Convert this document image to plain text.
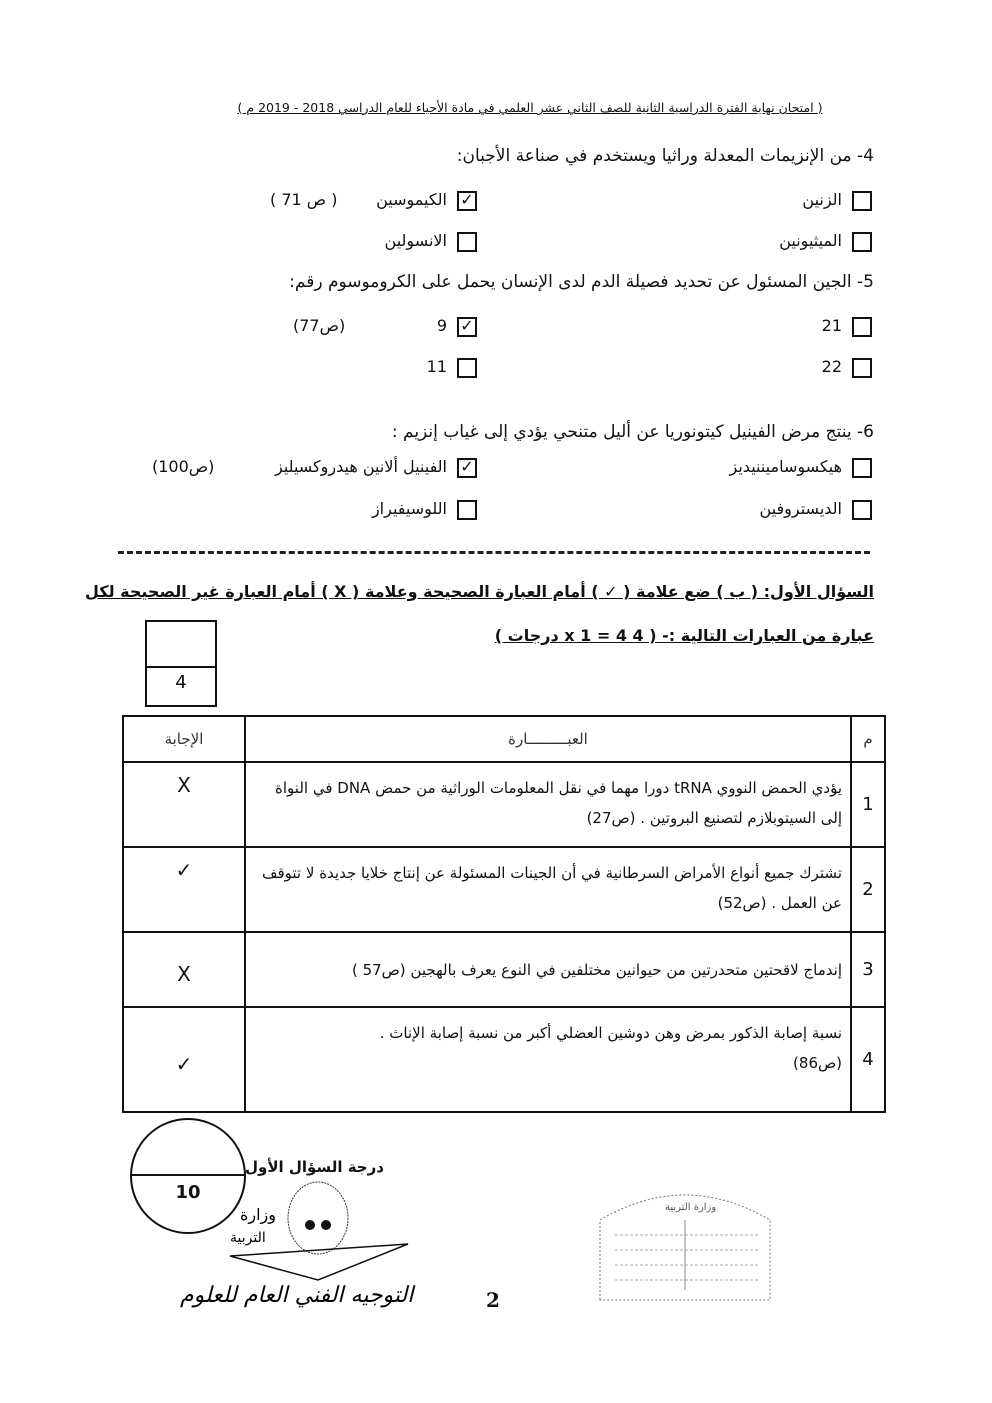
( امتحان نهاية الفترة الدراسية الثانية للصف الثاني عشر العلمي في مادة الأحياء للعام الدراسي 2018 - 2019 م )
4- من الإنزيمات المعدلة وراثيا ويستخدم في صناعة الأجبان:
الزنين
✓الكيموسين
( ص 71 )
الميثيونين
الانسولين
5- الجين المسئول عن تحديد فصيلة الدم لدى الإنسان يحمل على الكروموسوم رقم:
21
✓9
(ص77)
22
11
6- ينتج مرض الفينيل كيتونوريا عن أليل متنحي يؤدي إلى غياب إنزيم :
هيكسوساميننيديز
✓الفينيل ألانين هيدروكسيليز
(ص100)
الديستروفين
اللوسيفيراز
السؤال الأول: ( ب ) ضع علامة ( ✓ ) أمام العبارة الصحيحة وعلامة ( X ) أمام العبارة غير الصحيحة لكل
عبارة من العبارات التالية :- ( 4 x 1 = 4 درجات )
4
م	العبـــــــــارة	الإجابة
1	يؤدي الحمض النووي tRNA دورا مهما في نقل المعلومات الوراثية من حمض DNA في النواة إلى السيتوبلازم لتصنيع البروتين . (ص27)	X
2	تشترك جميع أنواع الأمراض السرطانية في أن الجينات المسئولة عن إنتاج خلايا جديدة لا تتوقف عن العمل . (ص52)	✓
3	إندماج لاقحتين متحدرتين من حيوانين مختلفين في النوع يعرف بالهجين (ص57 )	X
4	نسبة إصابة الذكور بمرض وهن دوشين العضلي أكبر من نسبة إصابة الإناث .
(ص86)	✓
10
درجة السؤال الأول
وزارة
التربية
التوجيه الفني العام للعلوم	2
وزارة التربية
